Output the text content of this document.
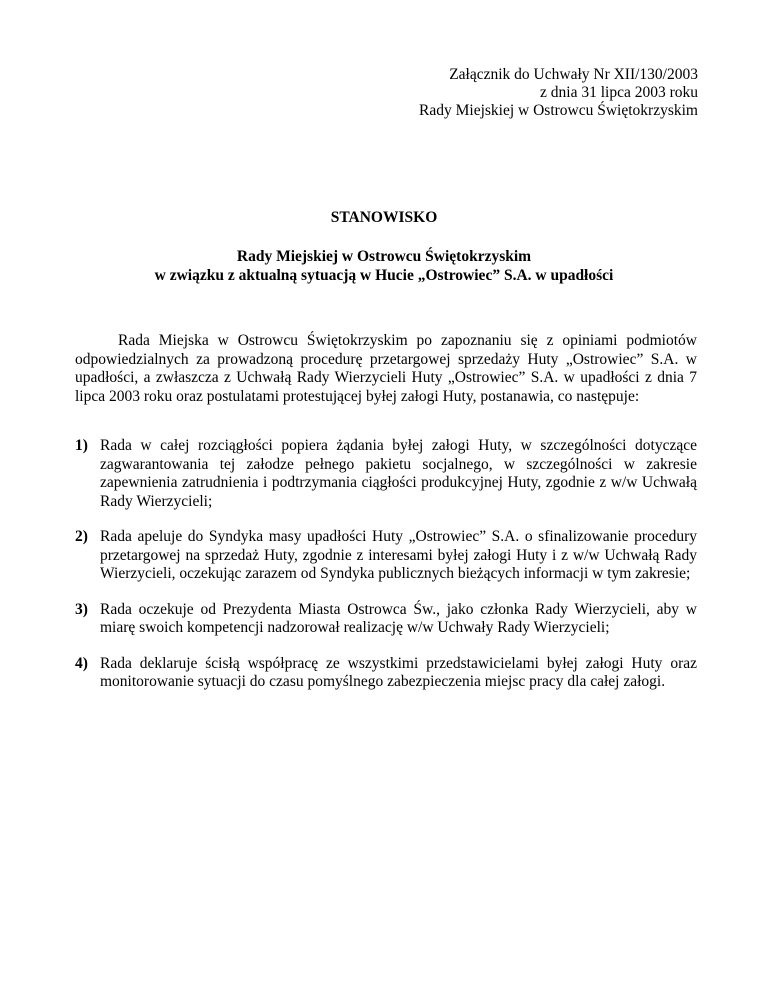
Załącznik do Uchwały Nr XII/130/2003
z dnia 31 lipca 2003 roku
Rady Miejskiej w Ostrowcu Świętokrzyskim
STANOWISKO
Rady Miejskiej w Ostrowcu Świętokrzyskim
w związku z aktualną sytuacją w Hucie „Ostrowiec” S.A. w upadłości

Rada Miejska w Ostrowcu Świętokrzyskim po zapoznaniu się z opiniami podmiotów odpowiedzialnych za prowadzoną procedurę przetargowej sprzedaży Huty „Ostrowiec” S.A. w upadłości, a zwłaszcza z Uchwałą Rady Wierzycieli Huty „Ostrowiec” S.A. w upadłości z dnia 7 lipca 2003 roku oraz postulatami protestującej byłej załogi Huty, postanawia, co następuje:

1) Rada w całej rozciągłości popiera żądania byłej załogi Huty, w szczególności dotyczące zagwarantowania tej załodze pełnego pakietu socjalnego, w szczególności w zakresie zapewnienia zatrudnienia i podtrzymania ciągłości produkcyjnej Huty, zgodnie z w/w Uchwałą Rady Wierzycieli;
2) Rada apeluje do Syndyka masy upadłości Huty „Ostrowiec” S.A. o sfinalizowanie procedury przetargowej na sprzedaż Huty, zgodnie z interesami byłej załogi Huty i z w/w Uchwałą Rady Wierzycieli, oczekując zarazem od Syndyka publicznych bieżących informacji w tym zakresie;
3) Rada oczekuje od Prezydenta Miasta Ostrowca Św., jako członka Rady Wierzycieli, aby w miarę swoich kompetencji nadzorował realizację w/w Uchwały Rady Wierzycieli;
4) Rada deklaruje ścisłą współpracę ze wszystkimi przedstawicielami byłej załogi Huty oraz monitorowanie sytuacji do czasu pomyślnego zabezpieczenia miejsc pracy dla całej załogi.
